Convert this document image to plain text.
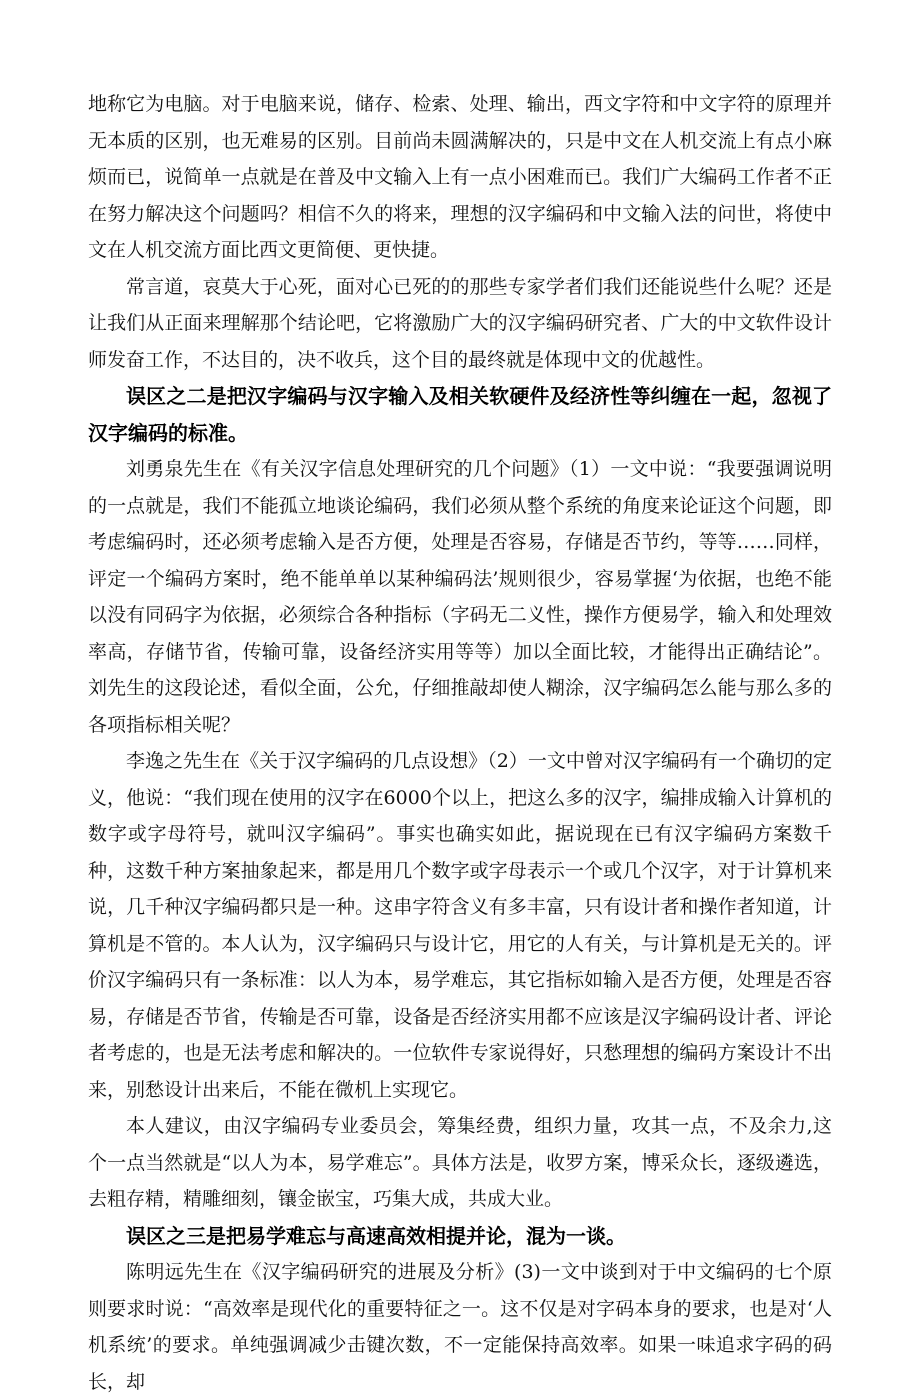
地称它为电脑。对于电脑来说，储存、检索、处理、输出，西文字符和中文字符的原理并无本质的区别，也无难易的区别。目前尚未圆满解决的，只是中文在人机交流上有点小麻烦而已，说简单一点就是在普及中文输入上有一点小困难而已。我们广大编码工作者不正在努力解决这个问题吗？相信不久的将来，理想的汉字编码和中文输入法的问世，将使中文在人机交流方面比西文更简便、更快捷。

常言道，哀莫大于心死，面对心已死的的那些专家学者们我们还能说些什么呢？还是让我们从正面来理解那个结论吧，它将激励广大的汉字编码研究者、广大的中文软件设计师发奋工作，不达目的，决不收兵，这个目的最终就是体现中文的优越性。

误区之二是把汉字编码与汉字输入及相关软硬件及经济性等纠缠在一起，忽视了汉字编码的标准。

刘勇泉先生在《有关汉字信息处理研究的几个问题》（1）一文中说：“我要强调说明的一点就是，我们不能孤立地谈论编码，我们必须从整个系统的角度来论证这个问题，即考虑编码时，还必须考虑输入是否方便，处理是否容易，存储是否节约，等等……同样，评定一个编码方案时，绝不能单单以某种编码法’规则很少，容易掌握‘为依据，也绝不能以没有同码字为依据，必须综合各种指标（字码无二义性，操作方便易学，输入和处理效率高，存储节省，传输可靠，设备经济实用等等）加以全面比较，才能得出正确结论”。刘先生的这段论述，看似全面，公允，仔细推敲却使人糊涂，汉字编码怎么能与那么多的各项指标相关呢？

李逸之先生在《关于汉字编码的几点设想》（2）一文中曾对汉字编码有一个确切的定义，他说：“我们现在使用的汉字在6000个以上，把这么多的汉字，编排成输入计算机的数字或字母符号，就叫汉字编码”。事实也确实如此，据说现在已有汉字编码方案数千种，这数千种方案抽象起来，都是用几个数字或字母表示一个或几个汉字，对于计算机来说，几千种汉字编码都只是一种。这串字符含义有多丰富，只有设计者和操作者知道，计算机是不管的。本人认为，汉字编码只与设计它，用它的人有关，与计算机是无关的。评价汉字编码只有一条标准：以人为本，易学难忘，其它指标如输入是否方便，处理是否容易，存储是否节省，传输是否可靠，设备是否经济实用都不应该是汉字编码设计者、评论者考虑的，也是无法考虑和解决的。一位软件专家说得好，只愁理想的编码方案设计不出来，别愁设计出来后，不能在微机上实现它。

本人建议，由汉字编码专业委员会，筹集经费，组织力量，攻其一点，不及余力,这个一点当然就是“以人为本，易学难忘”。具体方法是，收罗方案，博采众长，逐级遴选，去粗存精，精雕细刻，镶金嵌宝，巧集大成，共成大业。

误区之三是把易学难忘与高速高效相提并论，混为一谈。

陈明远先生在《汉字编码研究的进展及分析》(3)一文中谈到对于中文编码的七个原则要求时说：“高效率是现代化的重要特征之一。这不仅是对字码本身的要求，也是对‘人机系统’的要求。单纯强调减少击键次数，不一定能保持高效率。如果一味追求字码的码长，却
